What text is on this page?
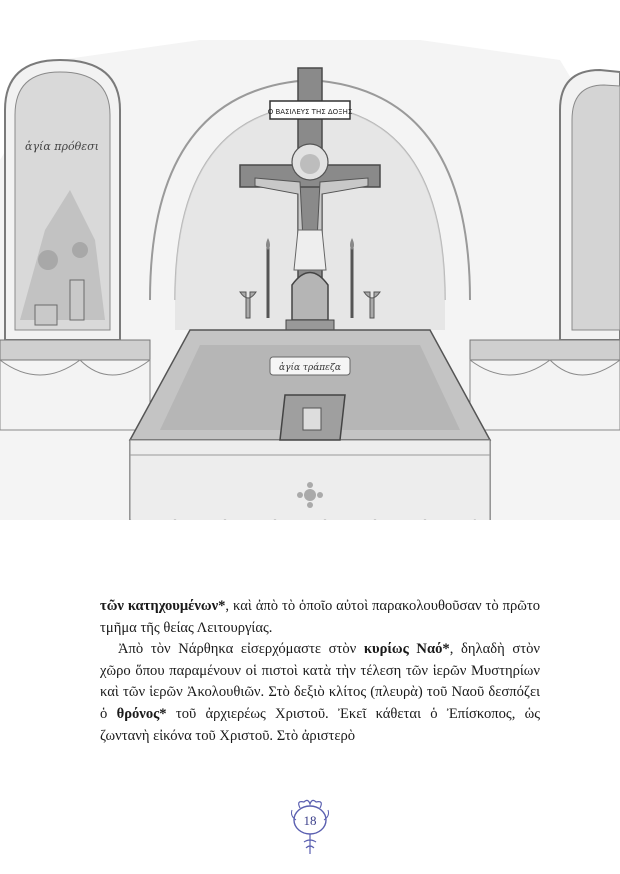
ἁγία πρόθεσι
Ο ΒΑΣΙΛΕΥΣ ΤΗΣ ΔΟΞΗΣ
ἁγία τράπεζα

τῶν κατηχουμένων*, καὶ ἀπὸ τὸ ὁποῖο αὐτοὶ παρακολουθοῦσαν τὸ πρῶτο τμῆμα τῆς θείας Λειτουργίας.

Ἀπὸ τὸν Νάρθηκα εἰσερχόμαστε στὸν κυρίως Ναό*, δηλαδὴ στὸν χῶρο ὅπου παραμένουν οἱ πιστοὶ κατὰ τὴν τέλεση τῶν ἱερῶν Μυστηρίων καὶ τῶν ἱερῶν Ἀκολουθιῶν. Στὸ δεξιὸ κλίτος (πλευρὰ) τοῦ Ναοῦ δεσπόζει ὁ θρόνος* τοῦ ἀρχιερέως Χριστοῦ. Ἐκεῖ κάθεται ὁ Ἐπίσκοπος, ὡς ζωντανὴ εἰκόνα τοῦ Χριστοῦ. Στὸ ἀριστερὸ

18
